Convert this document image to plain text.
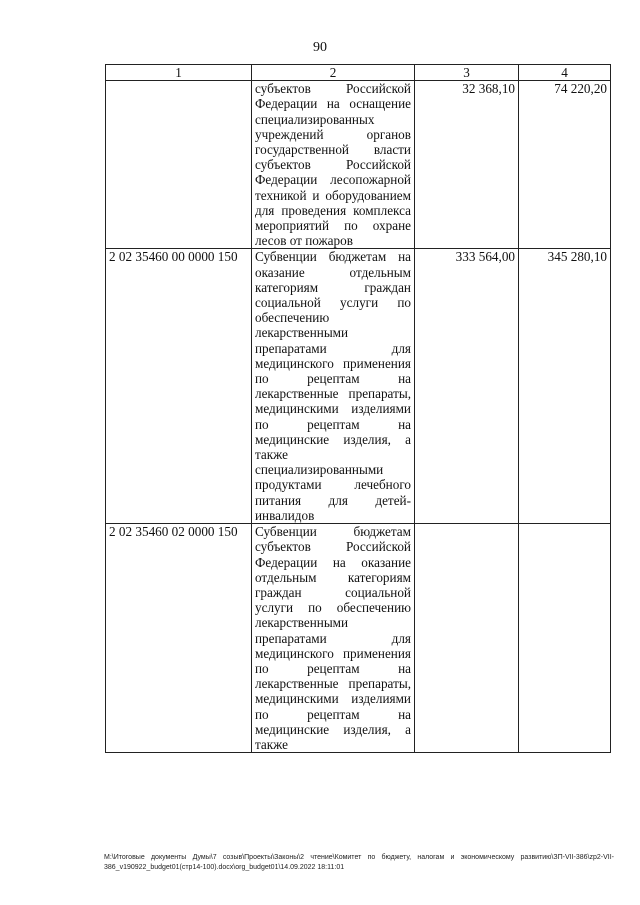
90
1	2	3	4
	субъектов Российской Федерации на оснащение специализированных учреждений органов государственной власти субъектов Российской Федерации лесопожарной техникой и оборудованием для проведения комплекса мероприятий по охране лесов от пожаров	32 368,10	74 220,20
2 02 35460 00 0000 150	Субвенции бюджетам на оказание отдельным категориям граждан социальной услуги по обеспечению лекарственными препаратами для медицинского применения по рецептам на лекарственные препараты, медицинскими изделиями по рецептам на медицинские изделия, а также специализированными продуктами лечебного питания для детей-инвалидов	333 564,00	345 280,10
2 02 35460 02 0000 150	Субвенции бюджетам субъектов Российской Федерации на оказание отдельным категориям граждан социальной услуги по обеспечению лекарственными препаратами для медицинского применения по рецептам на лекарственные препараты, медицинскими изделиями по рецептам на медицинские изделия, а также		
M:\Итоговые документы Думы\7 созыв\Проекты\Законы\2 чтение\Комитет по бюджету, налогам и экономическому развитию\ЗП-VII-386\zp2-VII-386_v190922_budget01(стр14-100).docx\org_budget01\14.09.2022 18:11:01
